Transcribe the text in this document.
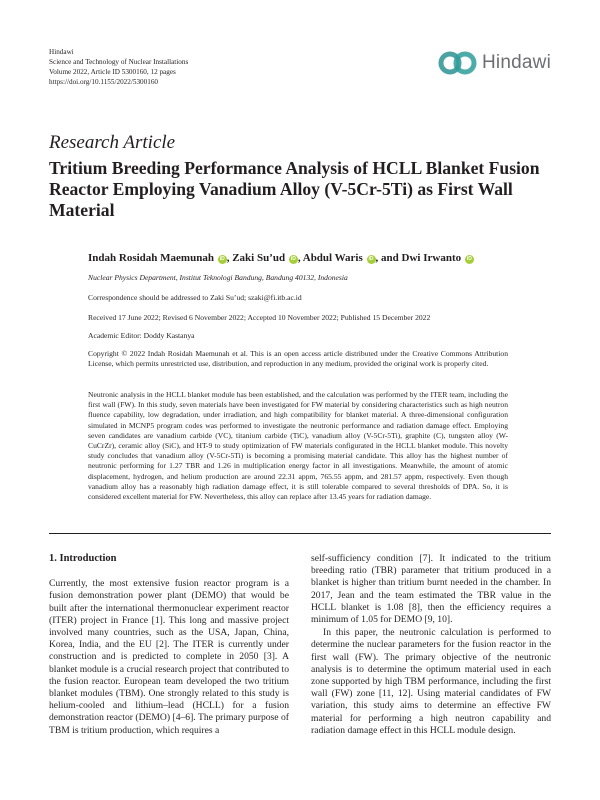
Hindawi
Science and Technology of Nuclear Installations
Volume 2022, Article ID 5300160, 12 pages
https://doi.org/10.1155/2022/5300160
Hindawi
Research Article
Tritium Breeding Performance Analysis of HCLL Blanket Fusion Reactor Employing Vanadium Alloy (V-5Cr-5Ti) as First Wall Material
Indah Rosidah Maemunah iD , Zaki Su’ud iD , Abdul Waris iD , and Dwi Irwanto iD
Nuclear Physics Department, Institut Teknologi Bandung, Bandung 40132, Indonesia
Correspondence should be addressed to Zaki Su’ud; szaki@fi.itb.ac.id
Received 17 June 2022; Revised 6 November 2022; Accepted 10 November 2022; Published 15 December 2022
Academic Editor: Doddy Kastanya
Copyright © 2022 Indah Rosidah Maemunah et al. This is an open access article distributed under the Creative Commons Attribution License, which permits unrestricted use, distribution, and reproduction in any medium, provided the original work is properly cited.
Neutronic analysis in the HCLL blanket module has been established, and the calculation was performed by the ITER team, including the first wall (FW). In this study, seven materials have been investigated for FW material by considering characteristics such as high neutron fluence capability, low degradation, under irradiation, and high compatibility for blanket material. A three-dimensional configuration simulated in MCNP5 program codes was performed to investigate the neutronic performance and radiation damage effect. Employing seven candidates are vanadium carbide (VC), titanium carbide (TiC), vanadium alloy (V-5Cr-5Ti), graphite (C), tungsten alloy (W-CuCrZr), ceramic alloy (SiC), and HT-9 to study optimization of FW materials configurated in the HCLL blanket module. This novelty study concludes that vanadium alloy (V-5Cr-5Ti) is becoming a promising material candidate. This alloy has the highest number of neutronic performing for 1.27 TBR and 1.26 in multiplication energy factor in all investigations. Meanwhile, the amount of atomic displacement, hydrogen, and helium production are around 22.31 appm, 765.55 appm, and 281.57 appm, respectively. Even though vanadium alloy has a reasonably high radiation damage effect, it is still tolerable compared to several thresholds of DPA. So, it is considered excellent material for FW. Nevertheless, this alloy can replace after 13.45 years for radiation damage.
1. Introduction

Currently, the most extensive fusion reactor program is a fusion demonstration power plant (DEMO) that would be built after the international thermonuclear experiment reactor (ITER) project in France [1]. This long and massive project involved many countries, such as the USA, Japan, China, Korea, India, and the EU [2]. The ITER is currently under construction and is predicted to complete in 2050 [3]. A blanket module is a crucial research project that contributed to the fusion reactor. European team developed the two tritium blanket modules (TBM). One strongly related to this study is helium-cooled and lithium–lead (HCLL) for a fusion demonstration reactor (DEMO) [4–6]. The primary purpose of TBM is tritium production, which requires a

self-sufficiency condition [7]. It indicated to the tritium breeding ratio (TBR) parameter that tritium produced in a blanket is higher than tritium burnt needed in the chamber. In 2017, Jean and the team estimated the TBR value in the HCLL blanket is 1.08 [8], then the efficiency requires a minimum of 1.05 for DEMO [9, 10].

In this paper, the neutronic calculation is performed to determine the nuclear parameters for the fusion reactor in the first wall (FW). The primary objective of the neutronic analysis is to determine the optimum material used in each zone supported by high TBM performance, including the first wall (FW) zone [11, 12]. Using material candidates of FW variation, this study aims to determine an effective FW material for performing a high neutron capability and radiation damage effect in this HCLL module design.
